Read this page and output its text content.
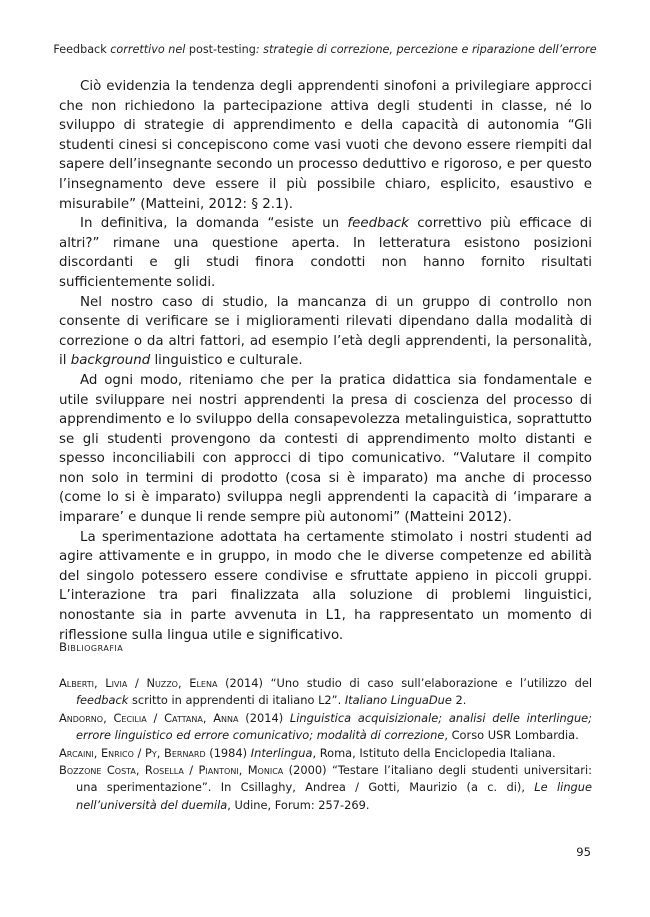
Feedback correttivo nel post-testing: strategie di correzione, percezione e riparazione dell’errore

Ciò evidenzia la tendenza degli apprendenti sinofoni a privilegiare approcci che non richiedono la partecipazione attiva degli studenti in classe, né lo sviluppo di strategie di apprendimento e della capacità di autonomia “Gli studenti cinesi si concepiscono come vasi vuoti che devono essere riempiti dal sapere dell’insegnante secondo un processo deduttivo e rigoroso, e per questo l’insegnamento deve essere il più possibile chiaro, esplicito, esaustivo e misurabile” (Matteini, 2012: § 2.1).

In definitiva, la domanda “esiste un feedback correttivo più efficace di altri?” rimane una questione aperta. In letteratura esistono posizioni discordanti e gli studi finora condotti non hanno fornito risultati sufficientemente solidi.

Nel nostro caso di studio, la mancanza di un gruppo di controllo non consente di verificare se i miglioramenti rilevati dipendano dalla modalità di correzione o da altri fattori, ad esempio l’età degli apprendenti, la personalità, il background linguistico e culturale.

Ad ogni modo, riteniamo che per la pratica didattica sia fondamentale e utile sviluppare nei nostri apprendenti la presa di coscienza del processo di apprendimento e lo sviluppo della consapevolezza metalinguistica, soprattutto se gli studenti provengono da contesti di apprendimento molto distanti e spesso inconciliabili con approcci di tipo comunicativo. “Valutare il compito non solo in termini di prodotto (cosa si è imparato) ma anche di processo (come lo si è imparato) sviluppa negli apprendenti la capacità di ‘imparare a imparare’ e dunque li rende sempre più autonomi” (Matteini 2012).

La sperimentazione adottata ha certamente stimolato i nostri studenti ad agire attivamente e in gruppo, in modo che le diverse competenze ed abilità del singolo potessero essere condivise e sfruttate appieno in piccoli gruppi. L’interazione tra pari finalizzata alla soluzione di problemi linguistici, nonostante sia in parte avvenuta in L1, ha rappresentato un momento di riflessione sulla lingua utile e significativo.

Bibliografia

Alberti, Livia / Nuzzo, Elena (2014) “Uno studio di caso sull’elaborazione e l’utilizzo del feedback scritto in apprendenti di italiano L2”. Italiano LinguaDue 2.

Andorno, Cecilia / Cattana, Anna (2014) Linguistica acquisizionale; analisi delle interlingue; errore linguistico ed errore comunicativo; modalità di correzione, Corso USR Lombardia.

Arcaini, Enrico / Py, Bernard (1984) Interlingua, Roma, Istituto della Enciclopedia Italiana.

Bozzone Costa, Rosella / Piantoni, Monica (2000) “Testare l’italiano degli studenti universitari: una sperimentazione”. In Csillaghy, Andrea / Gotti, Maurizio (a c. di), Le lingue nell’università del duemila, Udine, Forum: 257-269.

95
